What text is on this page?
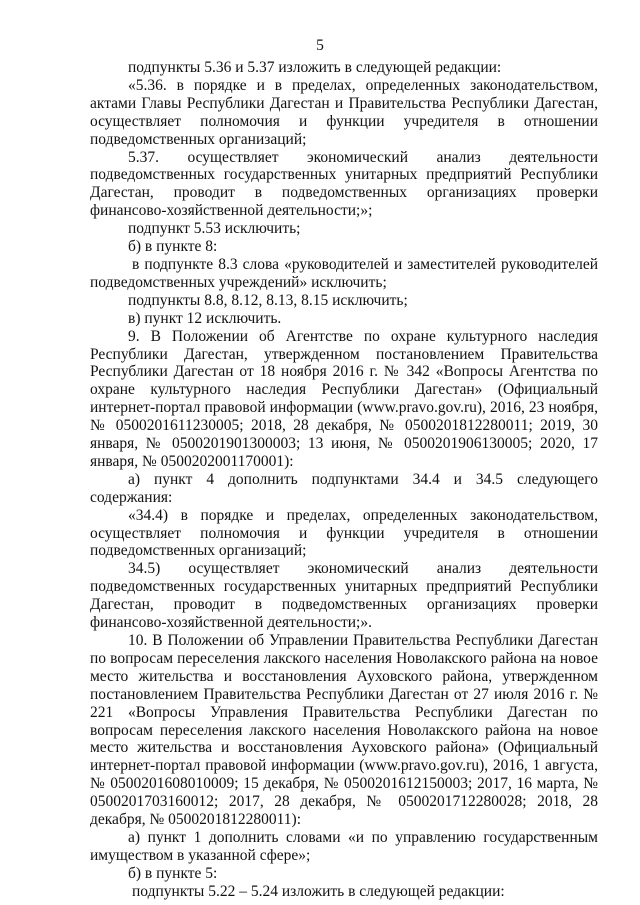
5

подпункты 5.36 и 5.37 изложить в следующей редакции:

«5.36. в порядке и в пределах, определенных законодательством, актами Главы Республики Дагестан и Правительства Республики Дагестан, осуществляет полномочия и функции учредителя в отношении подведомственных организаций;

5.37. осуществляет экономический анализ деятельности подведомственных государственных унитарных предприятий Республики Дагестан, проводит в подведомственных организациях проверки финансово-хозяйственной деятельности;»;

подпункт 5.53 исключить;

б) в пункте 8:

в подпункте 8.3 слова «руководителей и заместителей руководителей подведомственных учреждений» исключить;

подпункты 8.8, 8.12, 8.13, 8.15 исключить;

в) пункт 12 исключить.

9. В Положении об Агентстве по охране культурного наследия Республики Дагестан, утвержденном постановлением Правительства Республики Дагестан от 18 ноября 2016 г. № 342 «Вопросы Агентства по охране культурного наследия Республики Дагестан» (Официальный интернет-портал правовой информации (www.pravo.gov.ru), 2016, 23 ноября, № 0500201611230005; 2018, 28 декабря, № 0500201812280011; 2019, 30 января, № 0500201901300003; 13 июня, № 0500201906130005; 2020, 17 января, № 0500202001170001):

а) пункт 4 дополнить подпунктами 34.4 и 34.5 следующего содержания:

«34.4) в порядке и пределах, определенных законодательством, осуществляет полномочия и функции учредителя в отношении подведомственных организаций;

34.5) осуществляет экономический анализ деятельности подведомственных государственных унитарных предприятий Республики Дагестан, проводит в подведомственных организациях проверки финансово-хозяйственной деятельности;».

10. В Положении об Управлении Правительства Республики Дагестан по вопросам переселения лакского населения Новолакского района на новое место жительства и восстановления Ауховского района, утвержденном постановлением Правительства Республики Дагестан от 27 июля 2016 г. № 221 «Вопросы Управления Правительства Республики Дагестан по вопросам переселения лакского населения Новолакского района на новое место жительства и восстановления Ауховского района» (Официальный интернет-портал правовой информации (www.pravo.gov.ru), 2016, 1 августа, № 0500201608010009; 15 декабря, № 0500201612150003; 2017, 16 марта, № 0500201703160012; 2017, 28 декабря, № 0500201712280028; 2018, 28 декабря, № 0500201812280011):

а) пункт 1 дополнить словами «и по управлению государственным имуществом в указанной сфере»;

б) в пункте 5:

подпункты 5.22 – 5.24 изложить в следующей редакции:
